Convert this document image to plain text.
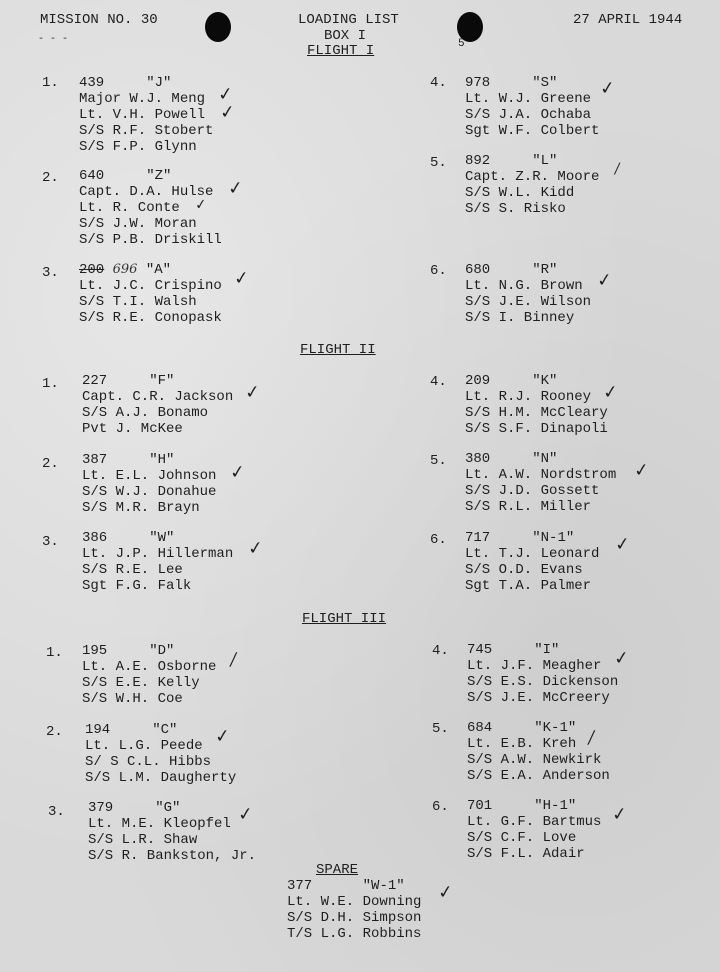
MISSION NO. 30
- - -
LOADING LIST
BOX I
27 APRIL 1944
5
FLIGHT I
1. 439	"J"
Major W.J. Meng
Lt. V.H. Powell
S/S R.F. Stobert
S/S F.P. Glynn
✓
✓
2. 640	"Z"
Capt. D.A. Hulse
Lt. R. Conte
S/S J.W. Moran
S/S P.B. Driskill
✓
✓
3. 200 696 "A"
Lt. J.C. Crispino
S/S T.I. Walsh
S/S R.E. Conopask
✓
4. 978	"S"
Lt. W.J. Greene
S/S J.A. Ochaba
Sgt W.F. Colbert
✓
5. 892	"L"
Capt. Z.R. Moore
S/S W.L. Kidd
S/S S. Risko
⁄
6. 680	"R"
Lt. N.G. Brown
S/S J.E. Wilson
S/S I. Binney
✓
FLIGHT II
1. 227	"F"
Capt. C.R. Jackson
S/S A.J. Bonamo
Pvt J. McKee
✓
2. 387	"H"
Lt. E.L. Johnson
S/S W.J. Donahue
S/S M.R. Brayn
✓
3. 386	"W"
Lt. J.P. Hillerman
S/S R.E. Lee
Sgt F.G. Falk
✓
4. 209	"K"
Lt. R.J. Rooney
S/S H.M. McCleary
S/S S.F. Dinapoli
✓
5. 380	"N"
Lt. A.W. Nordstrom
S/S J.D. Gossett
S/S R.L. Miller
✓
6. 717	"N-1"
Lt. T.J. Leonard
S/S O.D. Evans
Sgt T.A. Palmer
✓
FLIGHT III
1. 195	"D"
Lt. A.E. Osborne
S/S E.E. Kelly
S/S W.H. Coe
⁄
2. 194	"C"
Lt. L.G. Peede
S/ S C.L. Hibbs
S/S L.M. Daugherty
✓
3. 379	"G"
Lt. M.E. Kleopfel
S/S L.R. Shaw
S/S R. Bankston, Jr.
✓
4. 745	"I"
Lt. J.F. Meagher
S/S E.S. Dickenson
S/S J.E. McCreery
✓
5. 684	"K-1"
Lt. E.B. Kreh
S/S A.W. Newkirk
S/S E.A. Anderson
⁄
6. 701	"H-1"
Lt. G.F. Bartmus
S/S C.F. Love
S/S F.L. Adair
✓
SPARE
377	"W-1"
Lt. W.E. Downing
S/S D.H. Simpson
T/S L.G. Robbins
✓
